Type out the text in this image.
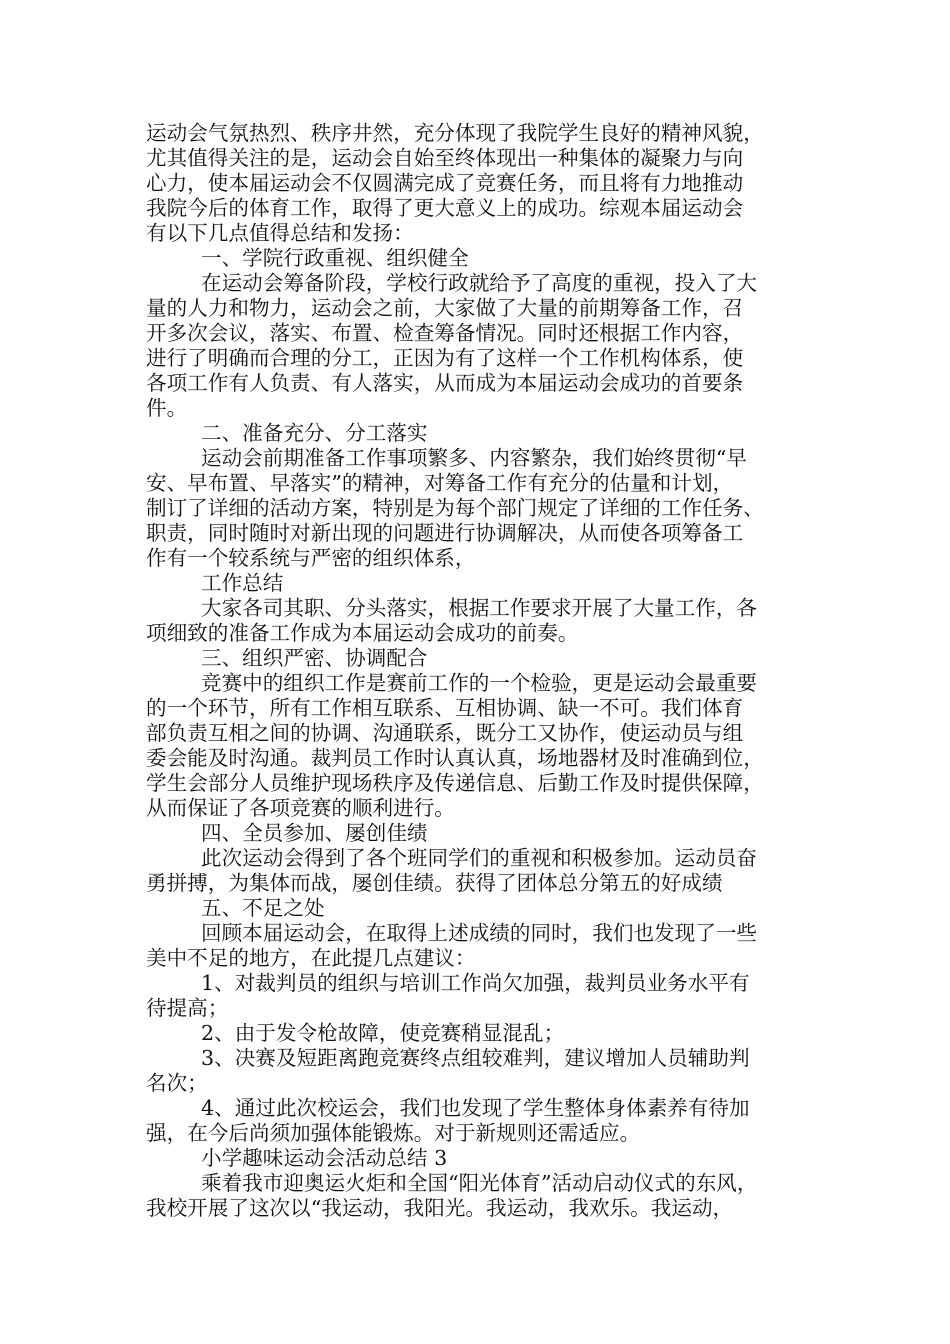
运动会气氛热烈、秩序井然，充分体现了我院学生良好的精神风貌，

尤其值得关注的是，运动会自始至终体现出一种集体的凝聚力与向

心力，使本届运动会不仅圆满完成了竞赛任务，而且将有力地推动

我院今后的体育工作，取得了更大意义上的成功。综观本届运动会

有以下几点值得总结和发扬：

一、学院行政重视、组织健全

在运动会筹备阶段，学校行政就给予了高度的重视，投入了大

量的人力和物力，运动会之前，大家做了大量的前期筹备工作，召

开多次会议，落实、布置、检查筹备情况。同时还根据工作内容，

进行了明确而合理的分工，正因为有了这样一个工作机构体系，使

各项工作有人负责、有人落实，从而成为本届运动会成功的首要条

件。

二、准备充分、分工落实

运动会前期准备工作事项繁多、内容繁杂，我们始终贯彻“早

安、早布置、早落实”的精神，对筹备工作有充分的估量和计划，

制订了详细的活动方案，特别是为每个部门规定了详细的工作任务、

职责，同时随时对新出现的问题进行协调解决，从而使各项筹备工

作有一个较系统与严密的组织体系，

工作总结

大家各司其职、分头落实，根据工作要求开展了大量工作，各

项细致的准备工作成为本届运动会成功的前奏。

三、组织严密、协调配合

竞赛中的组织工作是赛前工作的一个检验，更是运动会最重要

的一个环节，所有工作相互联系、互相协调、缺一不可。我们体育

部负责互相之间的协调、沟通联系，既分工又协作，使运动员与组

委会能及时沟通。裁判员工作时认真认真，场地器材及时准确到位，

学生会部分人员维护现场秩序及传递信息、后勤工作及时提供保障，

从而保证了各项竞赛的顺利进行。

四、全员参加、屡创佳绩

此次运动会得到了各个班同学们的重视和积极参加。运动员奋

勇拼搏，为集体而战，屡创佳绩。获得了团体总分第五的好成绩

五、不足之处

回顾本届运动会，在取得上述成绩的同时，我们也发现了一些

美中不足的地方，在此提几点建议：

1、对裁判员的组织与培训工作尚欠加强，裁判员业务水平有

待提高；

2、由于发令枪故障，使竞赛稍显混乱；

3、决赛及短距离跑竞赛终点组较难判，建议增加人员辅助判

名次；

4、通过此次校运会，我们也发现了学生整体身体素养有待加

强，在今后尚须加强体能锻炼。对于新规则还需适应。

小学趣味运动会活动总结 3

乘着我市迎奥运火炬和全国“阳光体育”活动启动仪式的东风，

我校开展了这次以“我运动，我阳光。我运动，我欢乐。我运动，
